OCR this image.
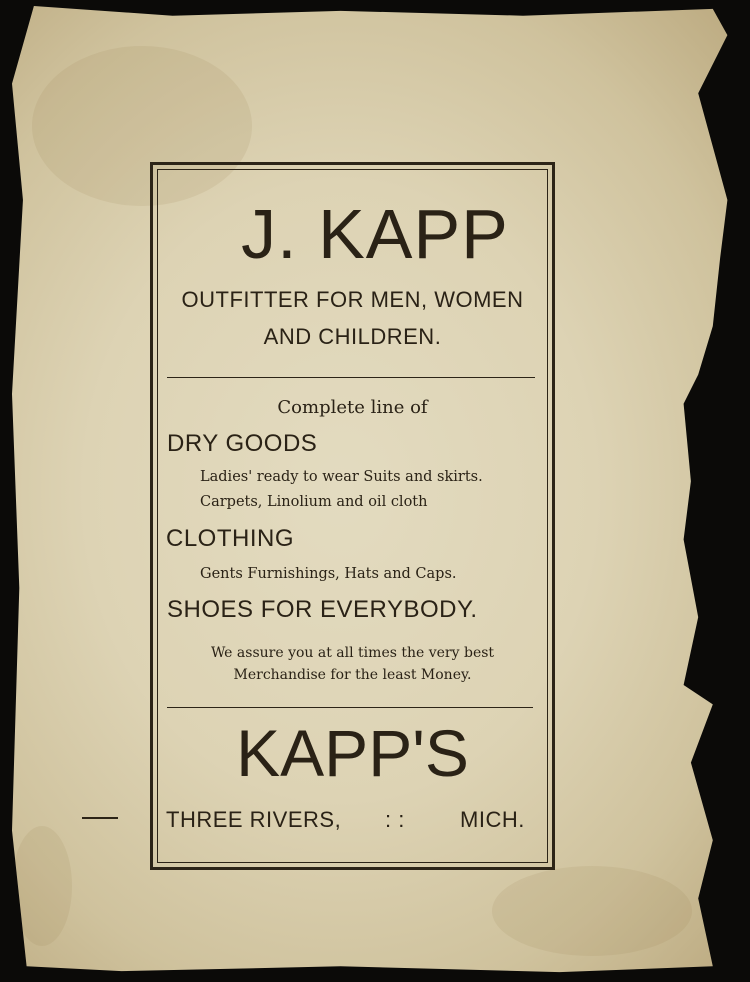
J. KAPP
OUTFITTER FOR MEN, WOMEN
AND CHILDREN.
Complete line of
DRY GOODS
Ladies' ready to wear Suits and skirts.
Carpets, Linolium and oil cloth
CLOTHING
Gents Furnishings, Hats and Caps.
SHOES FOR EVERYBODY.
We assure you at all times the very best
Merchandise for the least Money.
KAPP'S
THREE RIVERS, : :	MICH.
